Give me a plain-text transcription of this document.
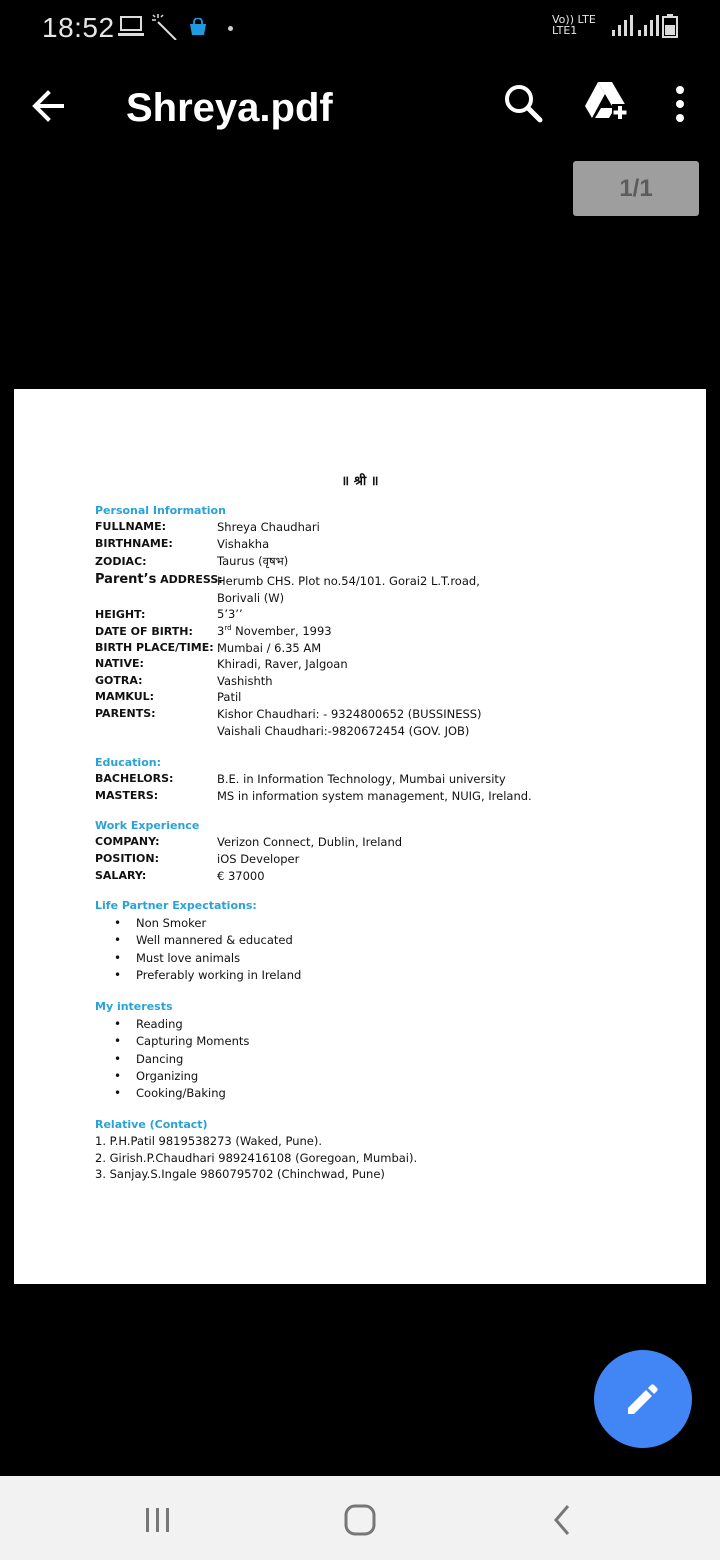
18:52	Vo)) LTE
LTE1
Shreya.pdf
1/1
॥ श्री ॥
Personal Information
FULLNAME:	Shreya Chaudhari
BIRTHNAME:	Vishakha
ZODIAC:	Taurus (वृषभ)
Parent’s ADDRESS:
Herumb CHS. Plot no.54/101. Gorai2 L.T.road,
Borivali (W)
HEIGHT:	5’3’’
DATE OF BIRTH: 3rd November, 1993
BIRTH PLACE/TIME: Mumbai / 6.35 AM
NATIVE:	Khiradi, Raver, Jalgoan
GOTRA:	Vashishth
MAMKUL:	Patil
PARENTS:	Kishor Chaudhari: - 9324800652 (BUSSINESS)
Vaishali Chaudhari:-9820672454 (GOV. JOB)
Education:
BACHELORS:	B.E. in Information Technology, Mumbai university
MASTERS:	MS in information system management, NUIG, Ireland.
Work Experience
COMPANY:	Verizon Connect, Dublin, Ireland
POSITION:	iOS Developer
SALARY:	€ 37000
Life Partner Expectations:
• Non Smoker
• Well mannered & educated
• Must love animals
• Preferably working in Ireland
My interests
• Reading
• Capturing Moments
• Dancing
• Organizing
• Cooking/Baking
Relative (Contact)
1. P.H.Patil 9819538273 (Waked, Pune).
2. Girish.P.Chaudhari 9892416108 (Goregoan, Mumbai).
3. Sanjay.S.Ingale 9860795702 (Chinchwad, Pune)
